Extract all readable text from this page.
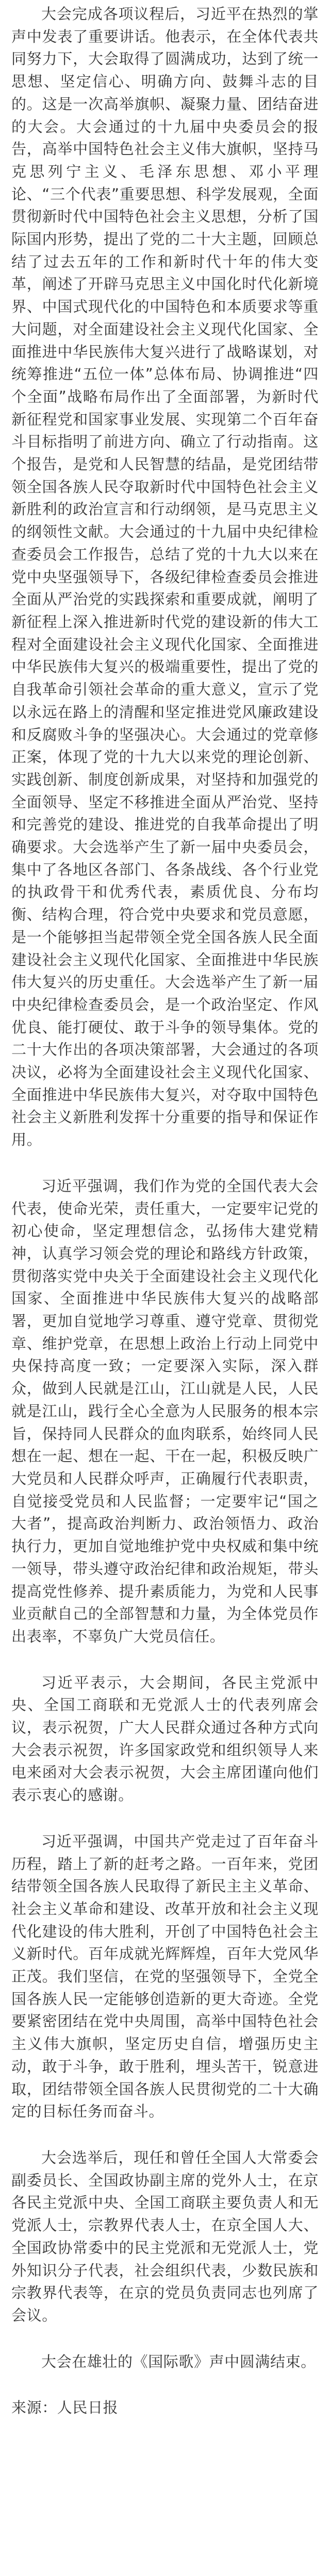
大会完成各项议程后，习近平在热烈的掌声中发表了重要讲话。他表示，在全体代表共同努力下，大会取得了圆满成功，达到了统一思想、坚定信心、明确方向、鼓舞斗志的目的。这是一次高举旗帜、凝聚力量、团结奋进的大会。大会通过的十九届中央委员会的报告，高举中国特色社会主义伟大旗帜，坚持马克思列宁主义、毛泽东思想、邓小平理论、“三个代表”重要思想、科学发展观，全面贯彻新时代中国特色社会主义思想，分析了国际国内形势，提出了党的二十大主题，回顾总结了过去五年的工作和新时代十年的伟大变革，阐述了开辟马克思主义中国化时代化新境界、中国式现代化的中国特色和本质要求等重大问题，对全面建设社会主义现代化国家、全面推进中华民族伟大复兴进行了战略谋划，对统筹推进“五位一体”总体布局、协调推进“四个全面”战略布局作出了全面部署，为新时代新征程党和国家事业发展、实现第二个百年奋斗目标指明了前进方向、确立了行动指南。这个报告，是党和人民智慧的结晶，是党团结带领全国各族人民夺取新时代中国特色社会主义新胜利的政治宣言和行动纲领，是马克思主义的纲领性文献。大会通过的十九届中央纪律检查委员会工作报告，总结了党的十九大以来在党中央坚强领导下，各级纪律检查委员会推进全面从严治党的实践探索和重要成就，阐明了新征程上深入推进新时代党的建设新的伟大工程对全面建设社会主义现代化国家、全面推进中华民族伟大复兴的极端重要性，提出了党的自我革命引领社会革命的重大意义，宣示了党以永远在路上的清醒和坚定推进党风廉政建设和反腐败斗争的坚强决心。大会通过的党章修正案，体现了党的十九大以来党的理论创新、实践创新、制度创新成果，对坚持和加强党的全面领导、坚定不移推进全面从严治党、坚持和完善党的建设、推进党的自我革命提出了明确要求。大会选举产生了新一届中央委员会，集中了各地区各部门、各条战线、各个行业党的执政骨干和优秀代表，素质优良、分布均衡、结构合理，符合党中央要求和党员意愿，是一个能够担当起带领全党全国各族人民全面建设社会主义现代化国家、全面推进中华民族伟大复兴的历史重任。大会选举产生了新一届中央纪律检查委员会，是一个政治坚定、作风优良、能打硬仗、敢于斗争的领导集体。党的二十大作出的各项决策部署，大会通过的各项决议，必将为全面建设社会主义现代化国家、全面推进中华民族伟大复兴，对夺取中国特色社会主义新胜利发挥十分重要的指导和保证作用。

习近平强调，我们作为党的全国代表大会代表，使命光荣，责任重大，一定要牢记党的初心使命，坚定理想信念，弘扬伟大建党精神，认真学习领会党的理论和路线方针政策，贯彻落实党中央关于全面建设社会主义现代化国家、全面推进中华民族伟大复兴的战略部署，更加自觉地学习尊重、遵守党章、贯彻党章、维护党章，在思想上政治上行动上同党中央保持高度一致；一定要深入实际，深入群众，做到人民就是江山，江山就是人民，人民就是江山，践行全心全意为人民服务的根本宗旨，保持同人民群众的血肉联系，始终同人民想在一起、想在一起、干在一起，积极反映广大党员和人民群众呼声，正确履行代表职责，自觉接受党员和人民监督；一定要牢记“国之大者”，提高政治判断力、政治领悟力、政治执行力，更加自觉地维护党中央权威和集中统一领导，带头遵守政治纪律和政治规矩，带头提高党性修养、提升素质能力，为党和人民事业贡献自己的全部智慧和力量，为全体党员作出表率，不辜负广大党员信任。

习近平表示，大会期间，各民主党派中央、全国工商联和无党派人士的代表列席会议，表示祝贺，广大人民群众通过各种方式向大会表示祝贺，许多国家政党和组织领导人来电来函对大会表示祝贺，大会主席团谨向他们表示衷心的感谢。

习近平强调，中国共产党走过了百年奋斗历程，踏上了新的赶考之路。一百年来，党团结带领全国各族人民取得了新民主主义革命、社会主义革命和建设、改革开放和社会主义现代化建设的伟大胜利，开创了中国特色社会主义新时代。百年成就光辉辉煌，百年大党风华正茂。我们坚信，在党的坚强领导下，全党全国各族人民一定能够创造新的更大奇迹。全党要紧密团结在党中央周围，高举中国特色社会主义伟大旗帜，坚定历史自信，增强历史主动，敢于斗争，敢于胜利，埋头苦干，锐意进取，团结带领全国各族人民贯彻党的二十大确定的目标任务而奋斗。

大会选举后，现任和曾任全国人大常委会副委员长、全国政协副主席的党外人士，在京各民主党派中央、全国工商联主要负责人和无党派人士，宗教界代表人士，在京全国人大、全国政协常委中的民主党派和无党派人士，党外知识分子代表，社会组织代表，少数民族和宗教界代表等，在京的党员负责同志也列席了会议。

大会在雄壮的《国际歌》声中圆满结束。

来源：人民日报
